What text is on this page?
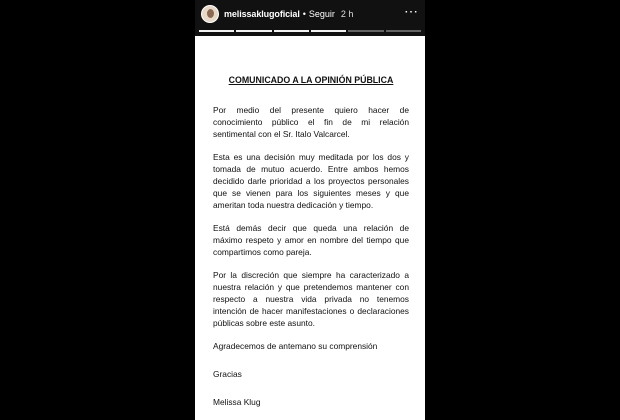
melissaklugoficial • Seguir 2 h	⋯
COMUNICADO A LA OPINIÓN PÚBLICA

Por medio del presente quiero hacer de conocimiento público el fin de mi relación sentimental con el Sr. Italo Valcarcel.

Esta es una decisión muy meditada por los dos y tomada de mutuo acuerdo. Entre ambos hemos decidido darle prioridad a los proyectos personales que se vienen para los siguientes meses y que ameritan toda nuestra dedicación y tiempo.

Está demás decir que queda una relación de máximo respeto y amor en nombre del tiempo que compartimos como pareja.

Por la discreción que siempre ha caracterizado a nuestra relación y que pretendemos mantener con respecto a nuestra vida privada no tenemos intención de hacer manifestaciones o declaraciones públicas sobre este asunto.

Agradecemos de antemano su comprensión

Gracias

Melissa Klug
